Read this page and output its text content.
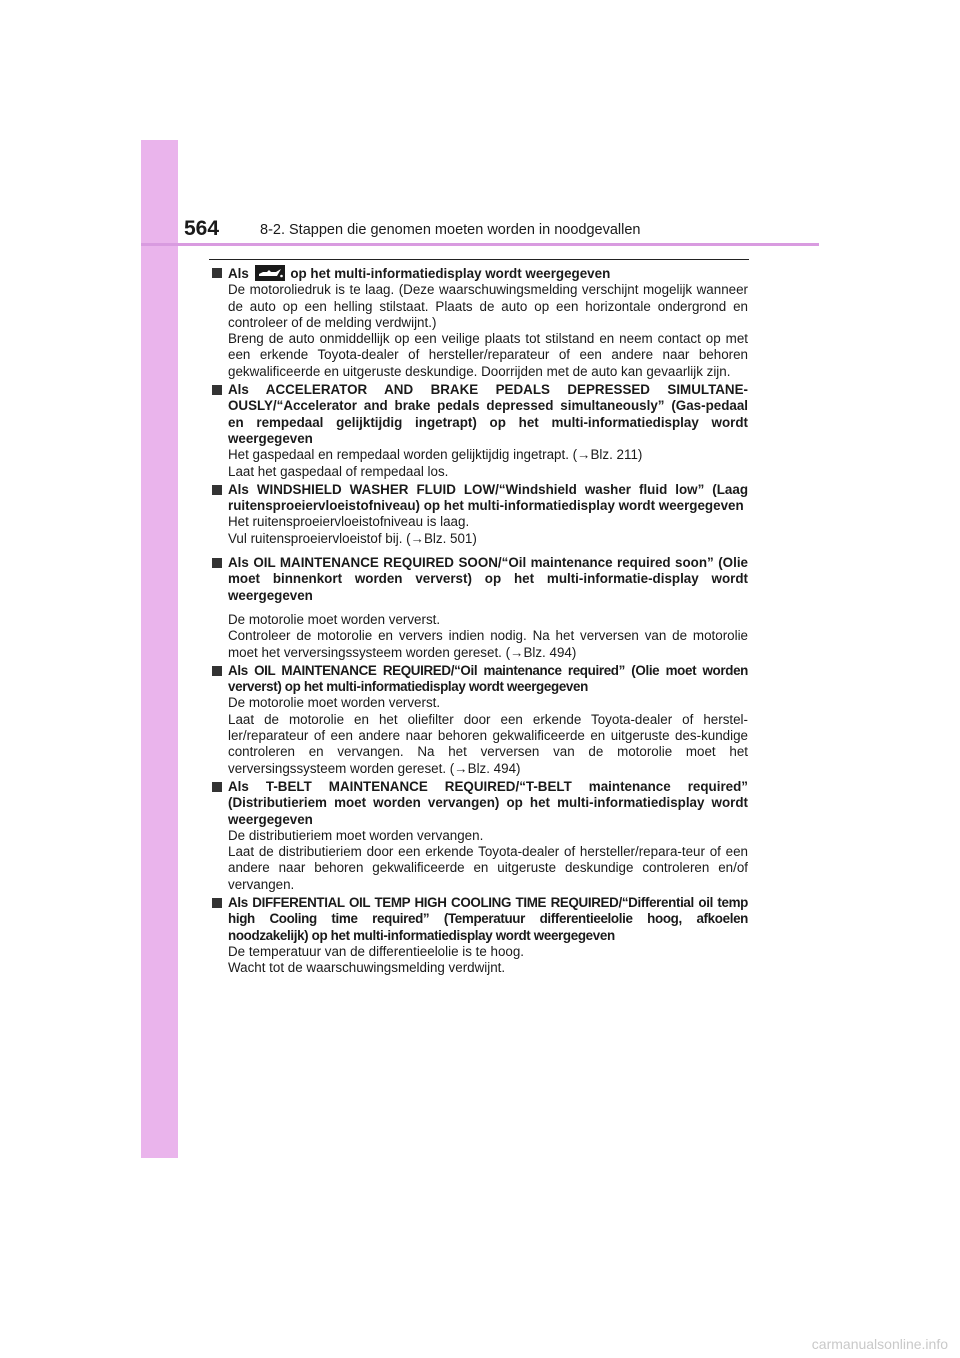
564	8-2. Stappen die genomen moeten worden in noodgevallen

Als	op het multi-informatiedisplay wordt weergegeven

De motoroliedruk is te laag. (Deze waarschuwingsmelding verschijnt mogelijk wanneer de auto op een helling stilstaat. Plaats de auto op een horizontale ondergrond en controleer of de melding verdwijnt.)

Breng de auto onmiddellijk op een veilige plaats tot stilstand en neem contact op met een erkende Toyota-dealer of hersteller/reparateur of een andere naar behoren gekwalificeerde en uitgeruste deskundige. Doorrijden met de auto kan gevaarlijk zijn.

Als ACCELERATOR AND BRAKE PEDALS DEPRESSED SIMULTANE-OUSLY/“Accelerator and brake pedals depressed simultaneously” (Gas-pedaal en rempedaal gelijktijdig ingetrapt) op het multi-informatiedisplay wordt weergegeven

Het gaspedaal en rempedaal worden gelijktijdig ingetrapt. (→Blz. 211)

Laat het gaspedaal of rempedaal los.

Als WINDSHIELD WASHER FLUID LOW/“Windshield washer fluid low” (Laag ruitensproeiervloeistofniveau) op het multi-informatiedisplay wordt weergegeven

Het ruitensproeiervloeistofniveau is laag.

Vul ruitensproeiervloeistof bij. (→Blz. 501)

Als OIL MAINTENANCE REQUIRED SOON/“Oil maintenance required soon” (Olie moet binnenkort worden ververst) op het multi-informatie-display wordt weergegeven

De motorolie moet worden ververst.

Controleer de motorolie en ververs indien nodig. Na het verversen van de motorolie moet het verversingssysteem worden gereset. (→Blz. 494)

Als OIL MAINTENANCE REQUIRED/“Oil maintenance required” (Olie moet worden ververst) op het multi-informatiedisplay wordt weergegeven

De motorolie moet worden ververst.

Laat de motorolie en het oliefilter door een erkende Toyota-dealer of herstel-ler/reparateur of een andere naar behoren gekwalificeerde en uitgeruste des-kundige controleren en vervangen. Na het verversen van de motorolie moet het verversingssysteem worden gereset. (→Blz. 494)

Als T-BELT MAINTENANCE REQUIRED/“T-BELT maintenance required” (Distributieriem moet worden vervangen) op het multi-informatiedisplay wordt weergegeven

De distributieriem moet worden vervangen.

Laat de distributieriem door een erkende Toyota-dealer of hersteller/repara-teur of een andere naar behoren gekwalificeerde en uitgeruste deskundige controleren en/of vervangen.

Als DIFFERENTIAL OIL TEMP HIGH COOLING TIME REQUIRED/“Differential oil temp high Cooling time required” (Temperatuur differentieelolie hoog, afkoelen noodzakelijk) op het multi-informatiedisplay wordt weergegeven

De temperatuur van de differentieelolie is te hoog.

Wacht tot de waarschuwingsmelding verdwijnt.

carmanualsonline.info
